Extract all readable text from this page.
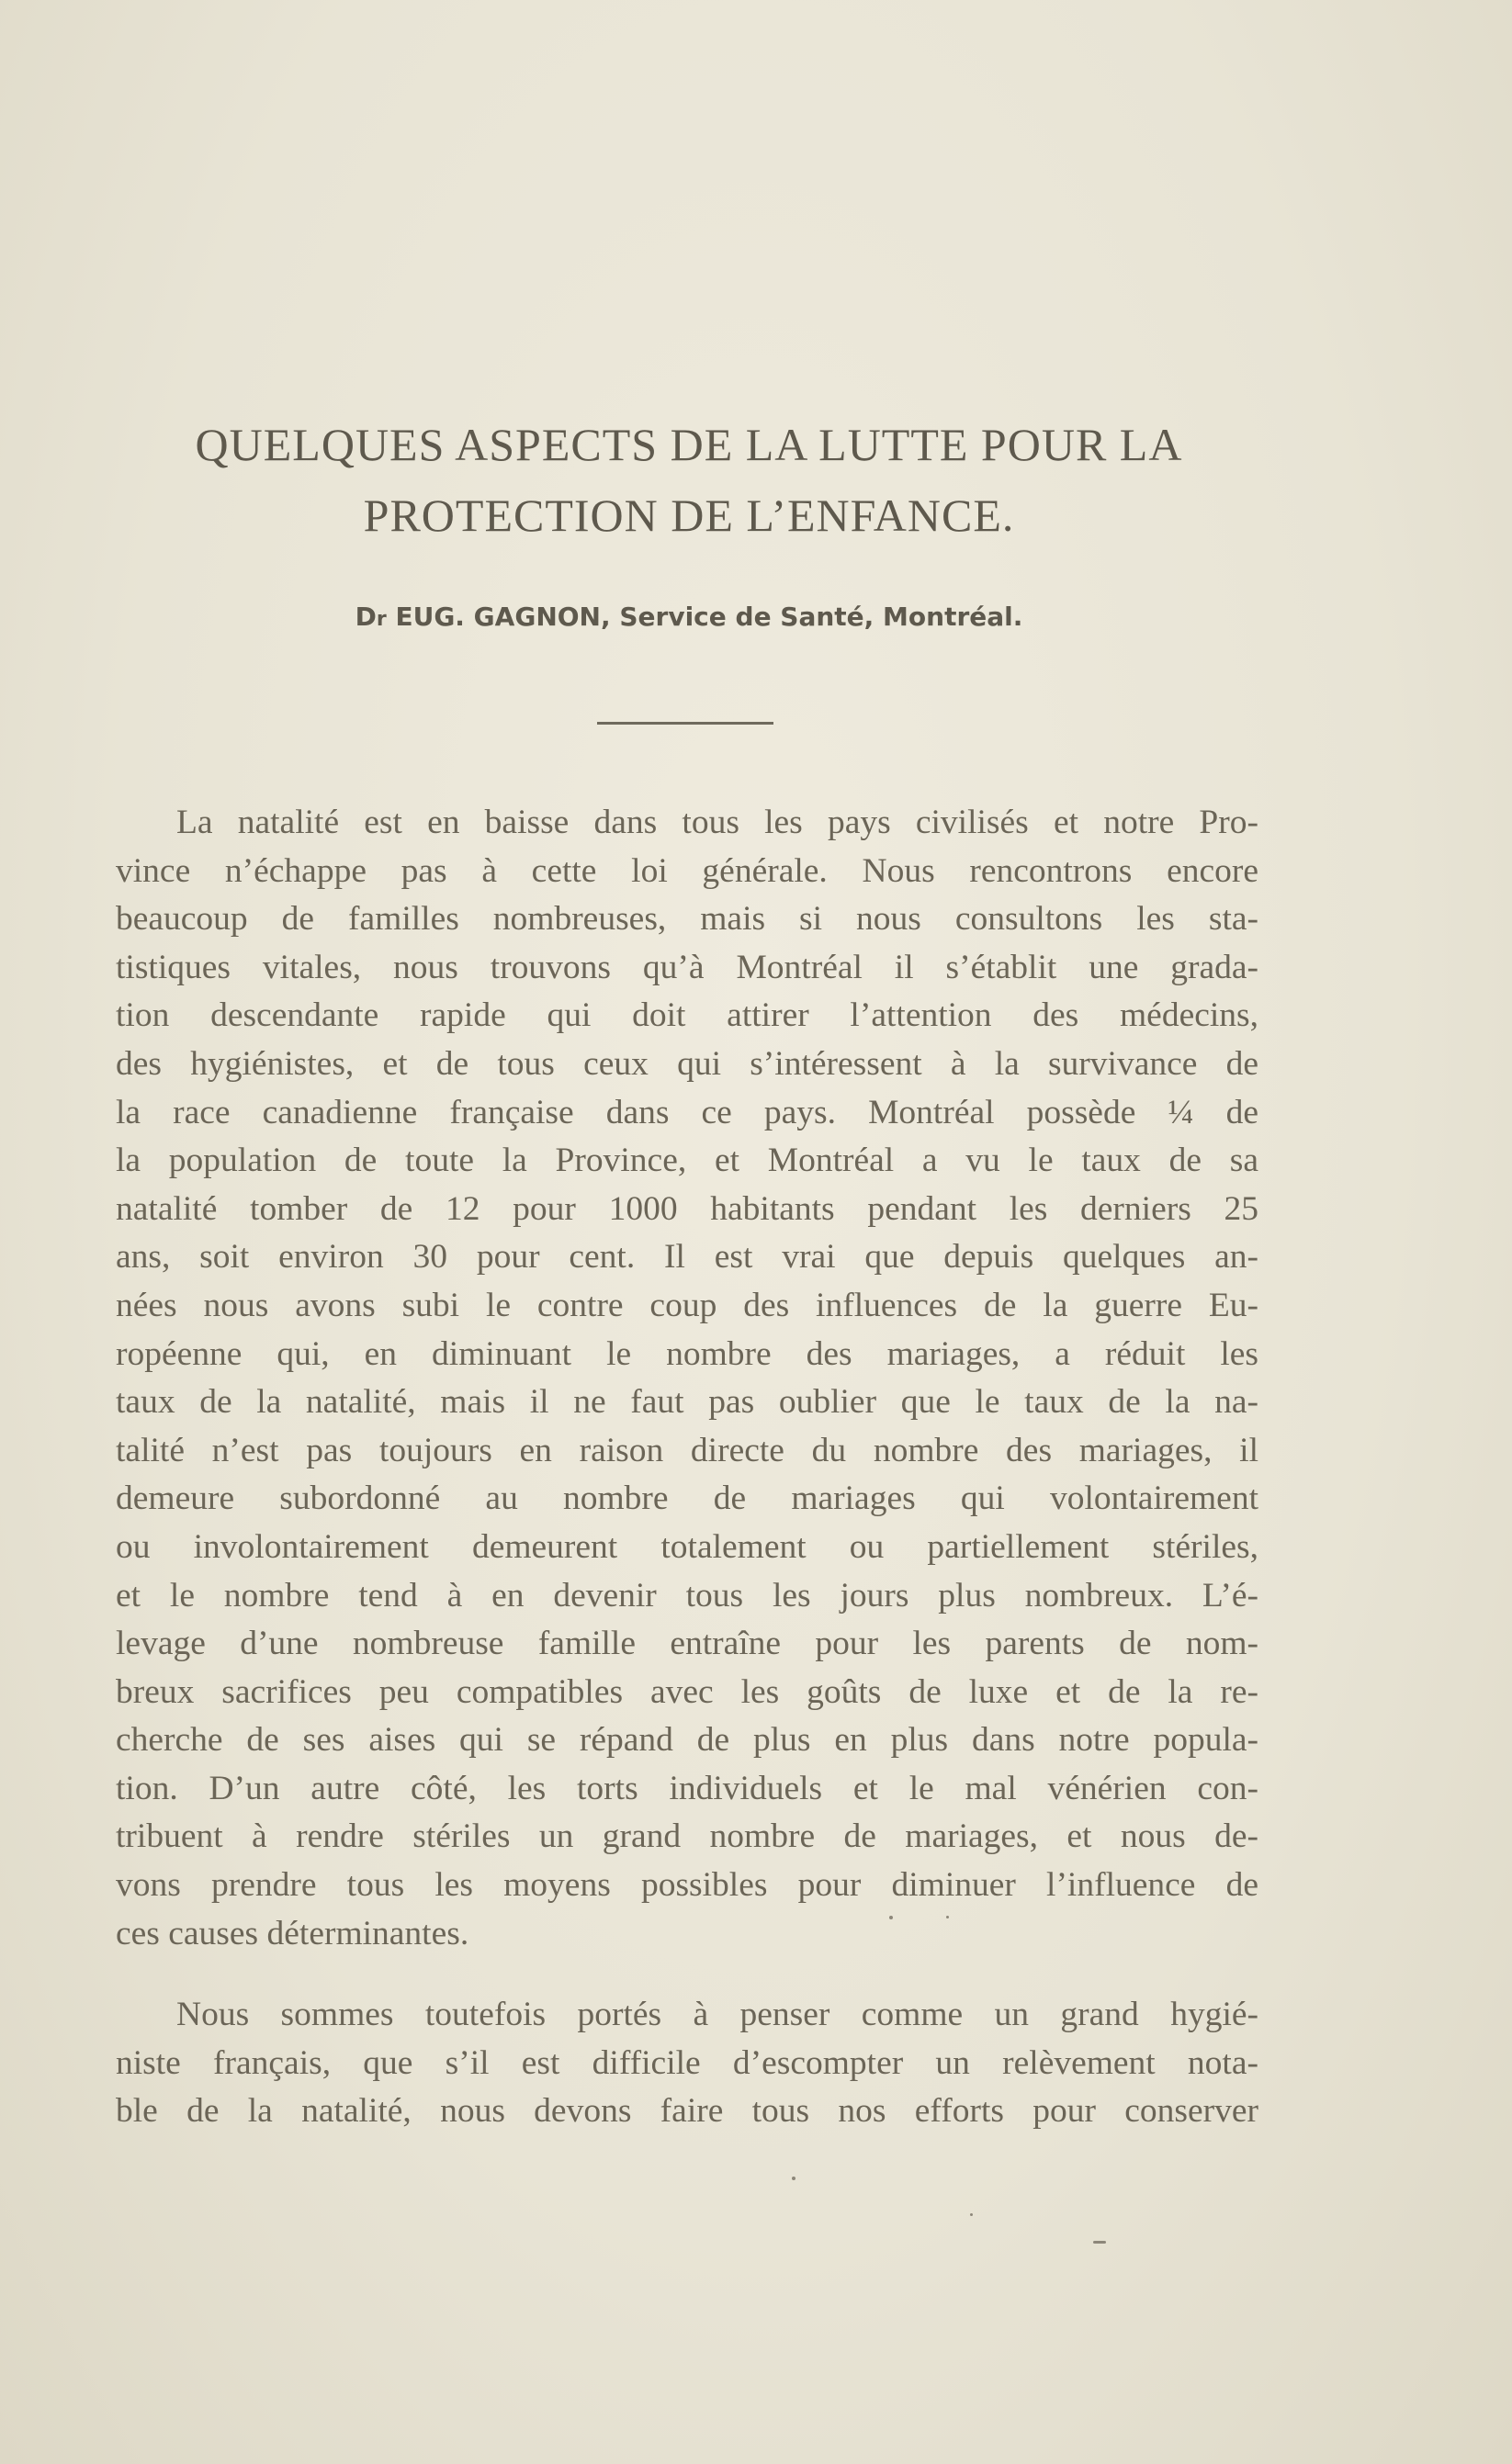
QUELQUES ASPECTS DE LA LUTTE POUR LA
PROTECTION DE L’ENFANCE.
Dr EUG. GAGNON, Service de Santé, Montréal.
La natalité est en baisse dans tous les pays civilisés et notre Pro-
vince n’échappe pas à cette loi générale. Nous rencontrons encore
beaucoup de familles nombreuses, mais si nous consultons les sta-
tistiques vitales, nous trouvons qu’à Montréal il s’établit une grada-
tion descendante rapide qui doit attirer l’attention des médecins,
des hygiénistes, et de tous ceux qui s’intéressent à la survivance de
la race canadienne française dans ce pays. Montréal possède ¼ de
la population de toute la Province, et Montréal a vu le taux de sa
natalité tomber de 12 pour 1000 habitants pendant les derniers 25
ans, soit environ 30 pour cent. Il est vrai que depuis quelques an-
nées nous avons subi le contre coup des influences de la guerre Eu-
ropéenne qui, en diminuant le nombre des mariages, a réduit les
taux de la natalité, mais il ne faut pas oublier que le taux de la na-
talité n’est pas toujours en raison directe du nombre des mariages, il
demeure subordonné au nombre de mariages qui volontairement
ou involontairement demeurent totalement ou partiellement stériles,
et le nombre tend à en devenir tous les jours plus nombreux. L’é-
levage d’une nombreuse famille entraîne pour les parents de nom-
breux sacrifices peu compatibles avec les goûts de luxe et de la re-
cherche de ses aises qui se répand de plus en plus dans notre popula-
tion. D’un autre côté, les torts individuels et le mal vénérien con-
tribuent à rendre stériles un grand nombre de mariages, et nous de-
vons prendre tous les moyens possibles pour diminuer l’influence de
ces causes déterminantes.
Nous sommes toutefois portés à penser comme un grand hygié-
niste français, que s’il est difficile d’escompter un relèvement nota-
ble de la natalité, nous devons faire tous nos efforts pour conserver
